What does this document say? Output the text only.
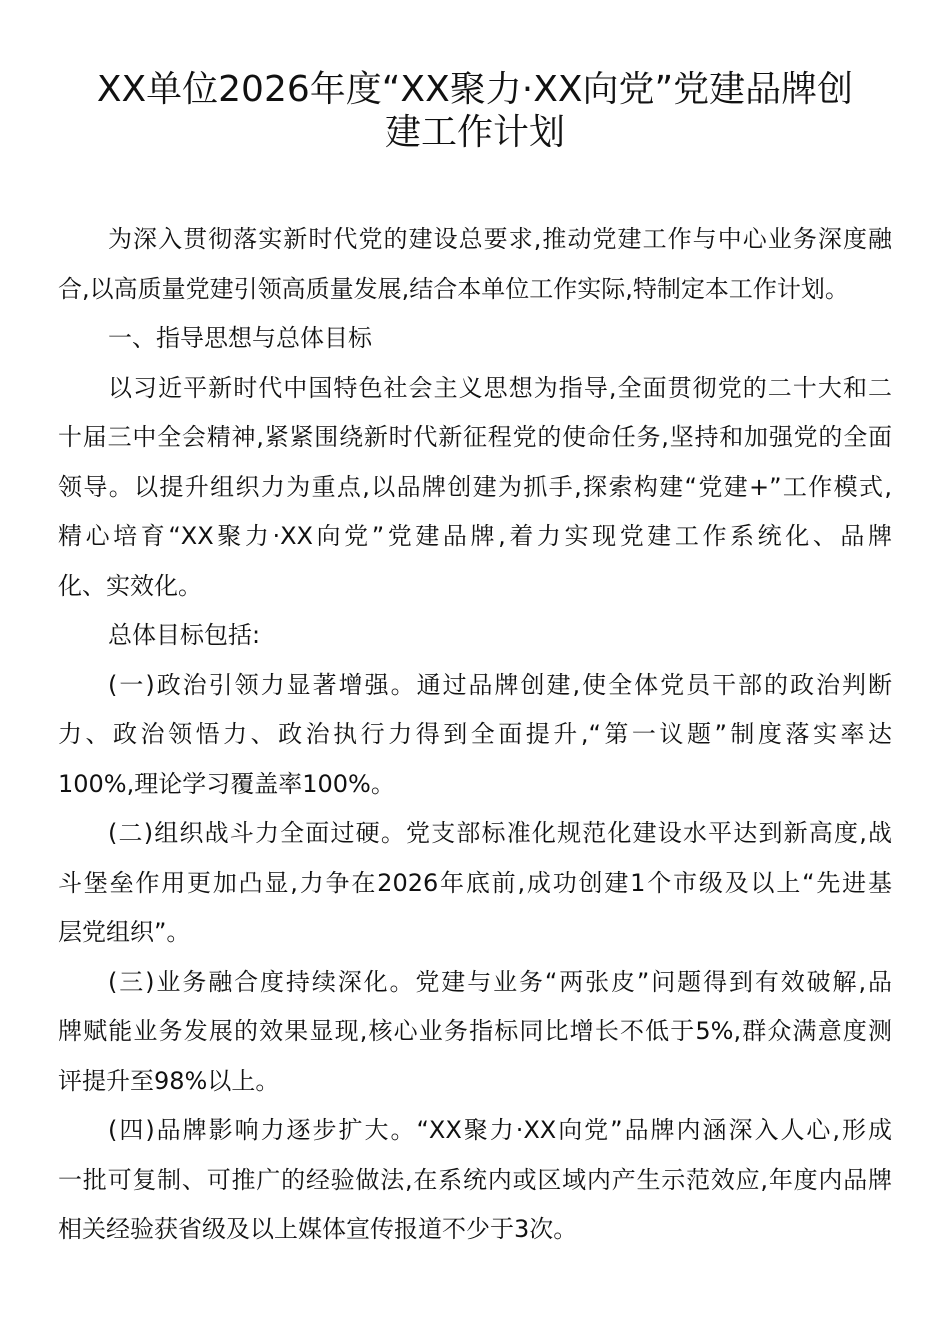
XX单位2026年度“XX聚力·XX向党”党建品牌创
建工作计划
为深入贯彻落实新时代党的建设总要求,推动党建工作与中心业务深度融
合,以高质量党建引领高质量发展,结合本单位工作实际,特制定本工作计划。
一、指导思想与总体目标
以习近平新时代中国特色社会主义思想为指导,全面贯彻党的二十大和二
十届三中全会精神,紧紧围绕新时代新征程党的使命任务,坚持和加强党的全面
领导。以提升组织力为重点,以品牌创建为抓手,探索构建“党建+”工作模式,
精心培育“XX聚力·XX向党”党建品牌,着力实现党建工作系统化、品牌
化、实效化。
总体目标包括:
(一)政治引领力显著增强。通过品牌创建,使全体党员干部的政治判断
力、政治领悟力、政治执行力得到全面提升,“第一议题”制度落实率达
100%,理论学习覆盖率100%。
(二)组织战斗力全面过硬。党支部标准化规范化建设水平达到新高度,战
斗堡垒作用更加凸显,力争在2026年底前,成功创建1个市级及以上“先进基
层党组织”。
(三)业务融合度持续深化。党建与业务“两张皮”问题得到有效破解,品
牌赋能业务发展的效果显现,核心业务指标同比增长不低于5%,群众满意度测
评提升至98%以上。
(四)品牌影响力逐步扩大。“XX聚力·XX向党”品牌内涵深入人心,形成
一批可复制、可推广的经验做法,在系统内或区域内产生示范效应,年度内品牌
相关经验获省级及以上媒体宣传报道不少于3次。
